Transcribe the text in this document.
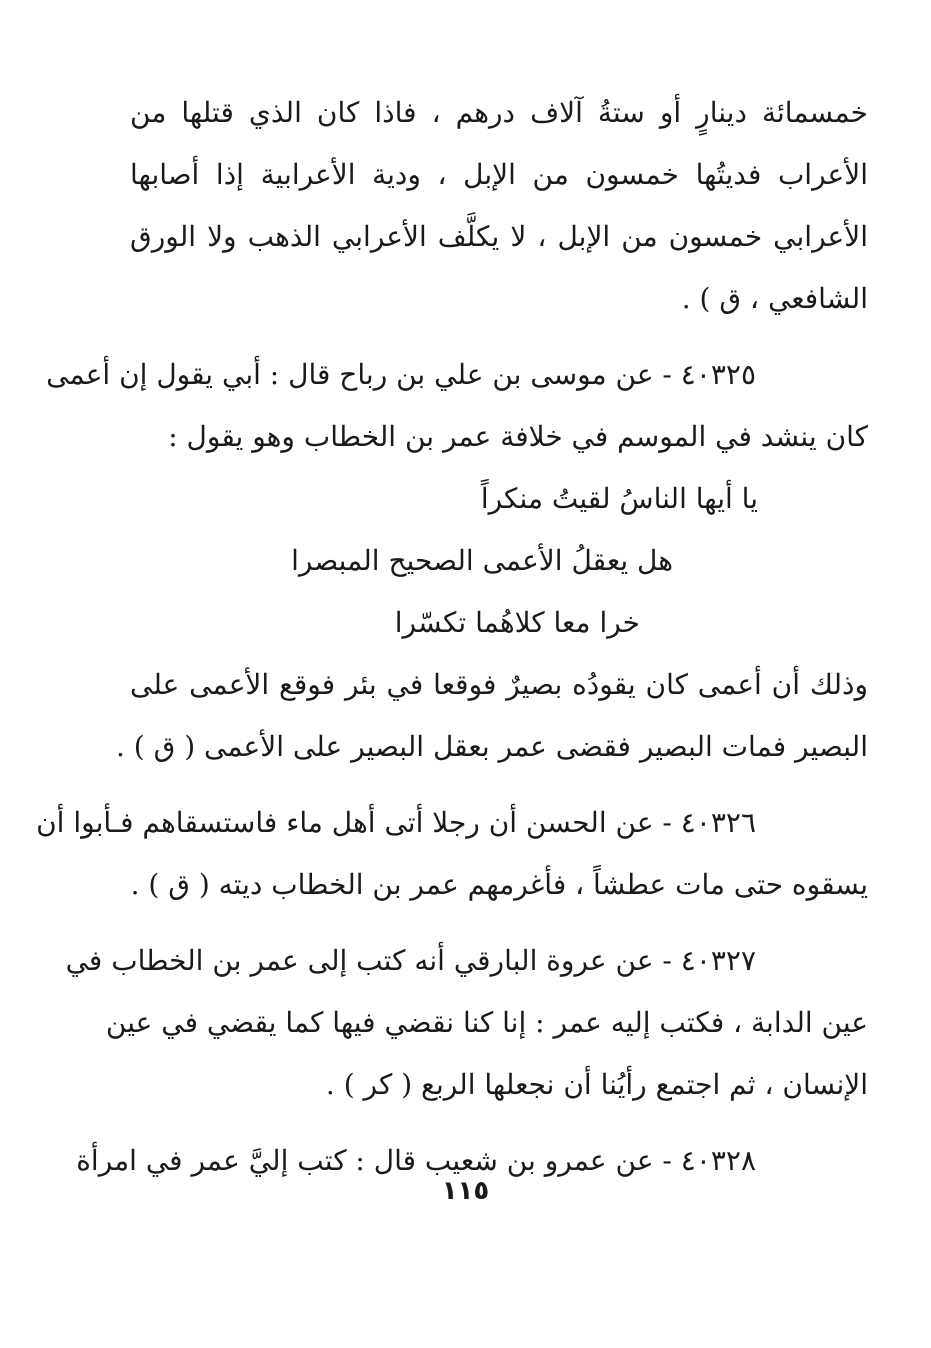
خمسمائة دينارٍ أو ستةُ آلاف درهم ، فاذا كان الذي قتلها من
الأعراب فديتُها خمسون من الإبل ، ودية الأعرابية إذا أصابها
الأعرابي خمسون من الإبل ، لا يكلَّف الأعرابي الذهب ولا الورق
الشافعي ، ق ) .
٤٠٣٢٥ - عن موسى بن علي بن رباح قال : أبي يقول إن أعمى
كان ينشد في الموسم في خلافة عمر بن الخطاب وهو يقول :
يا أيها الناسُ لقيتُ منكراً
هل يعقلُ الأعمى الصحيح المبصرا
خرا معا كلاهُما تكسّرا
وذلك أن أعمى كان يقودُه بصيرٌ فوقعا في بئر فوقع الأعمى على
البصير فمات البصير فقضى عمر بعقل البصير على الأعمى ( ق ) .
٤٠٣٢٦ - عن الحسن أن رجلا أتى أهل ماء فاستسقاهم فـأبوا أن
يسقوه حتى مات عطشاً ، فأغرمهم عمر بن الخطاب ديته ( ق ) .
٤٠٣٢٧ - عن عروة البارقي أنه كتب إلى عمر بن الخطاب في
عين الدابة ، فكتب إليه عمر : إنا كنا نقضي فيها كما يقضي في عين
الإنسان ، ثم اجتمع رأيُنا أن نجعلها الربع ( كر ) .
٤٠٣٢٨ - عن عمرو بن شعيب قال : كتب إليَّ عمر في امرأة
١١٥
